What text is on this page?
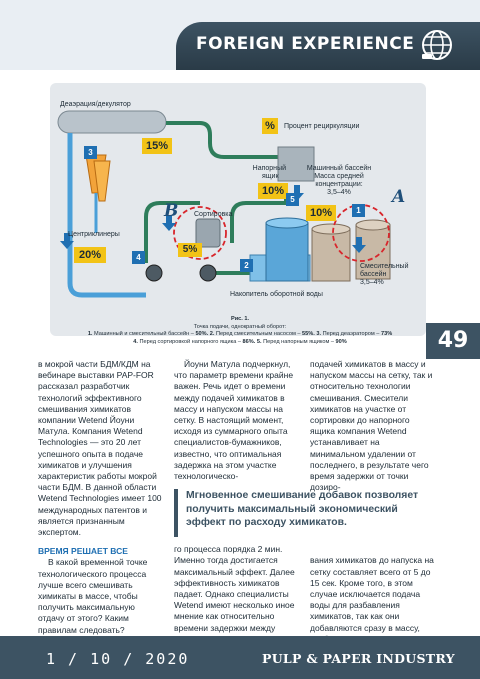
FOREIGN EXPERIENCE
Деаэрация/декулятор
%	Процент рециркуляции
15%
Напорный
ящик
10%
Машинный бассейн
Масса средней
концентрации:
3,5–4%
10%
Сортировка
Центриклинеры
20%	5%
Накопитель оборотной воды
Смесительный
бассейн
3,5–4%
1
2
3
4
5	A
B
Рис. 1.
Точка подачи, однократный оборот:
1. Машинный и смесительный бассейн – 50%. 2. Перед смесительным насосом – 55%. 3. Перед деаэратором – 73%
4. Перед сортировкой напорного ящика – 86%. 5. Перед напорным ящиком – 90%	49

в мокрой части БДМ/КДМ на вебинаре выставки PAP-FOR рассказал разработчик технологий эффективного смешивания химикатов компании Wetend Йоуни Матула. Компания Wetend Technologies — это 20 лет успешного опыта в подаче химикатов и улучшения характеристик работы мокрой части БДМ. В данной области Wetend Technologies имеет 100 международных патентов и является признанным экспертом.

ВРЕМЯ РЕШАЕТ ВСЕ

В какой временной точке технологического процесса лучше всего смешивать химикаты в массе, чтобы получить максимальную отдачу от этого? Каким правилам следовать?

Йоуни Матула подчеркнул, что параметр времени крайне важен. Речь идет о времени между подачей химикатов в массу и напуском массы на сетку. В настоящий момент, исходя из суммарного опыта специалистов-бумажников, известно, что оптимальная задержка на этом участке технологическо-

го процесса порядка 2 мин. Именно тогда достигается максимальный эффект. Далее эффективность химикатов падает. Однако специалисты Wetend имеют несколько иное мнение как относительно времени задержки между

подачей химикатов в массу и напуском массы на сетку, так и относительно технологии смешивания. Смесители химикатов на участке от сортировки до напорного ящика компания Wetend устанавливает на минимальном удалении от последнего, в результате чего время задержки от точки дозиро-

вания химикатов до напуска на сетку составляет всего от 5 до 15 сек. Кроме того, в этом случае исключается подача воды для разбавления химикатов, так как они добавляются сразу в массу,

Мгновенное смешивание добавок позволяет получить максимальный экономический эффект по расходу химикатов.
1 / 10 / 2020	PULP & PAPER INDUSTRY
